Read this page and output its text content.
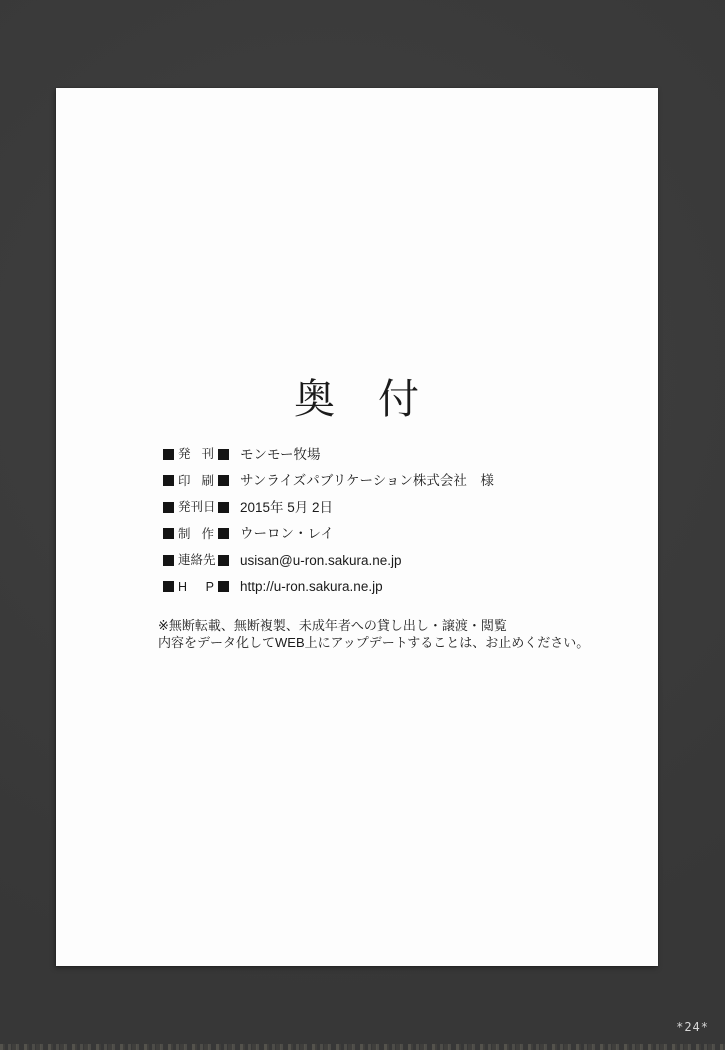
奥　付
発 刊 モンモー牧場
印 刷 サンライズパブリケーション株式会社　様
発 刊 日 2015年 5月 2日
制 作 ウーロン・レイ
連 絡 先 usisan@u-ron.sakura.ne.jp
H P http://u-ron.sakura.ne.jp
※無断転載、無断複製、未成年者への貸し出し・譲渡・閲覧
内容をデータ化してWEB上にアップデートすることは、お止めください。
*24*
